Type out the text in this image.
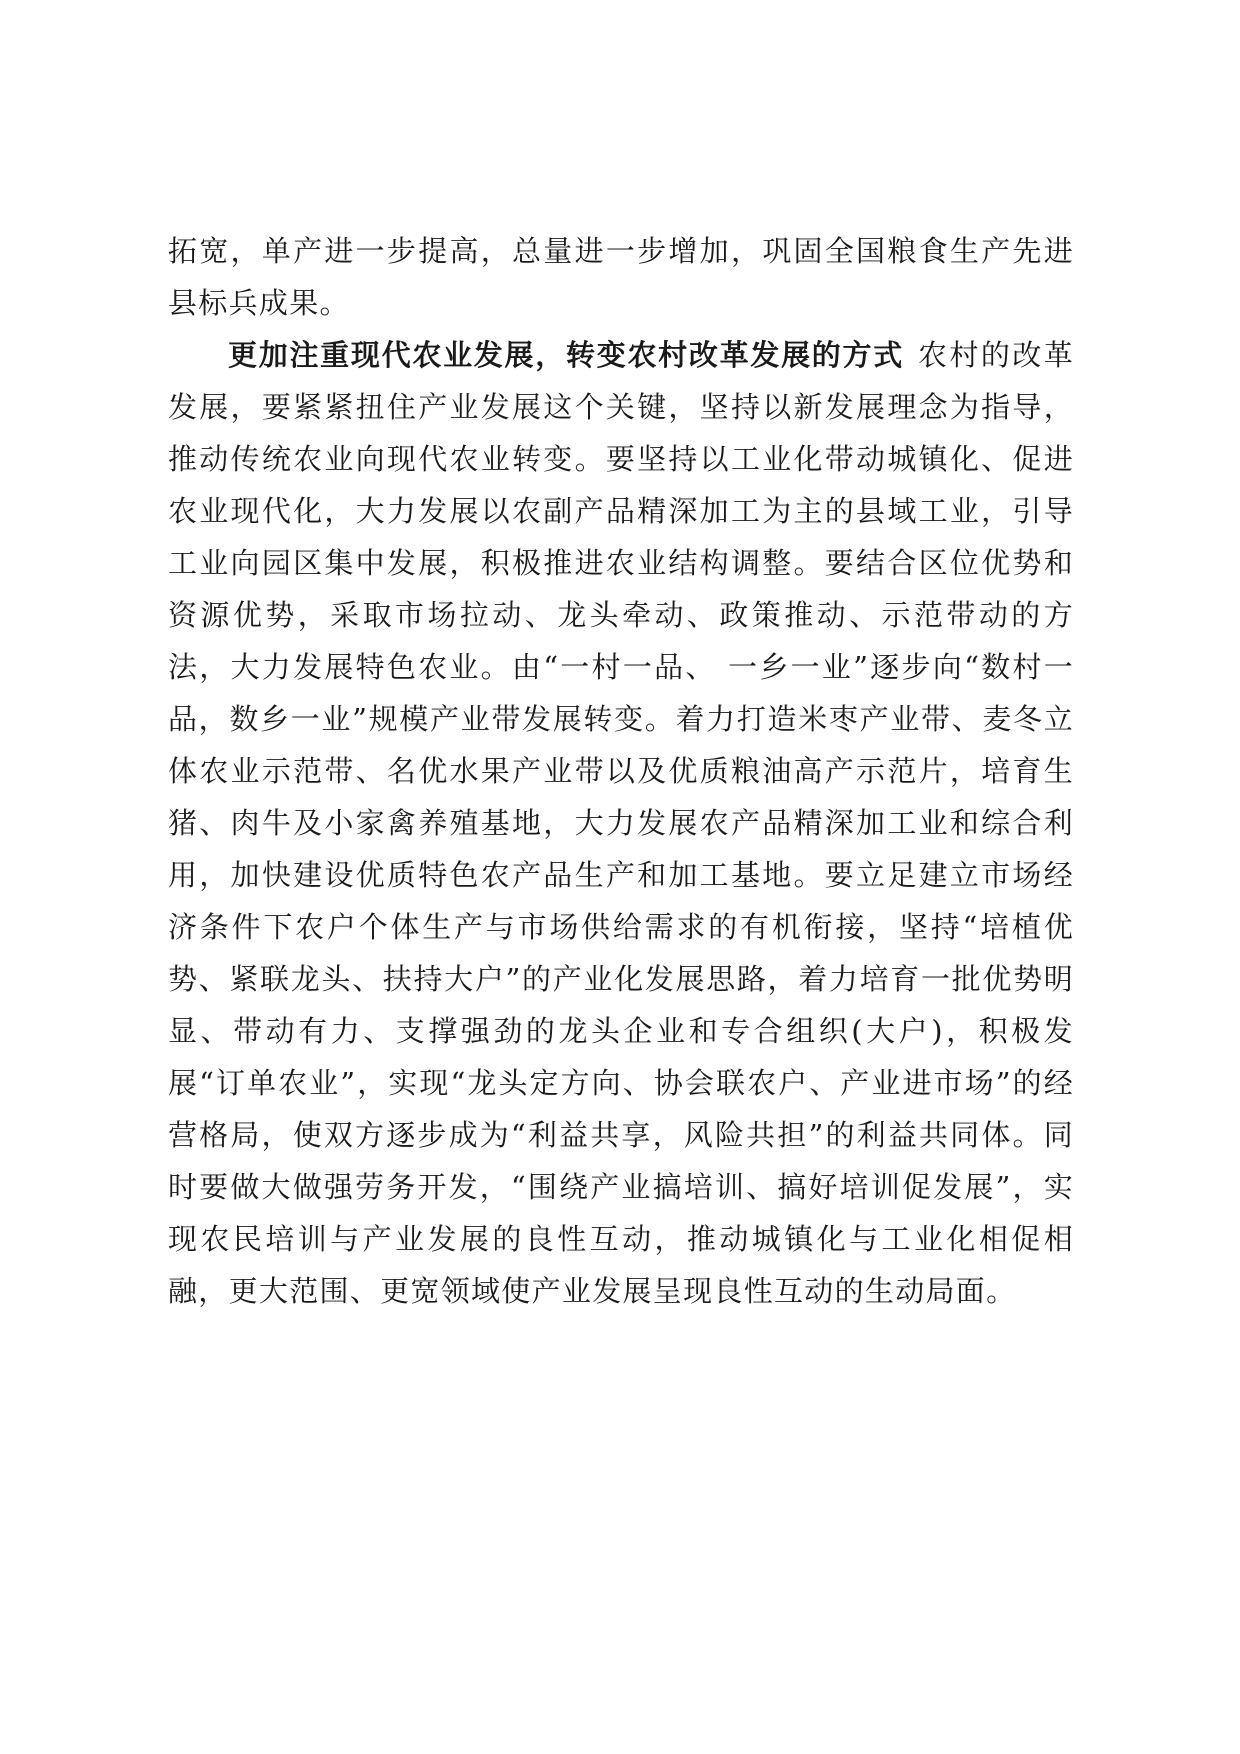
拓宽，单产进一步提高，总量进一步增加，巩固全国粮食生产先进县标兵成果。

更加注重现代农业发展，转变农村改革发展的方式 农村的改革发展，要紧紧扭住产业发展这个关键，坚持以新发展理念为指导，推动传统农业向现代农业转变。要坚持以工业化带动城镇化、促进农业现代化，大力发展以农副产品精深加工为主的县域工业，引导工业向园区集中发展，积极推进农业结构调整。要结合区位优势和资源优势，采取市场拉动、龙头牵动、政策推动、示范带动的方法，大力发展特色农业。由“一村一品、 一乡一业”逐步向“数村一品，数乡一业”规模产业带发展转变。着力打造米枣产业带、麦冬立体农业示范带、名优水果产业带以及优质粮油高产示范片，培育生猪、肉牛及小家禽养殖基地，大力发展农产品精深加工业和综合利用，加快建设优质特色农产品生产和加工基地。要立足建立市场经济条件下农户个体生产与市场供给需求的有机衔接，坚持“培植优势、紧联龙头、扶持大户”的产业化发展思路，着力培育一批优势明显、带动有力、支撑强劲的龙头企业和专合组织(大户)，积极发展“订单农业”，实现“龙头定方向、协会联农户、产业进市场”的经营格局，使双方逐步成为“利益共享，风险共担”的利益共同体。同时要做大做强劳务开发，“围绕产业搞培训、搞好培训促发展”，实现农民培训与产业发展的良性互动，推动城镇化与工业化相促相融，更大范围、更宽领域使产业发展呈现良性互动的生动局面。
